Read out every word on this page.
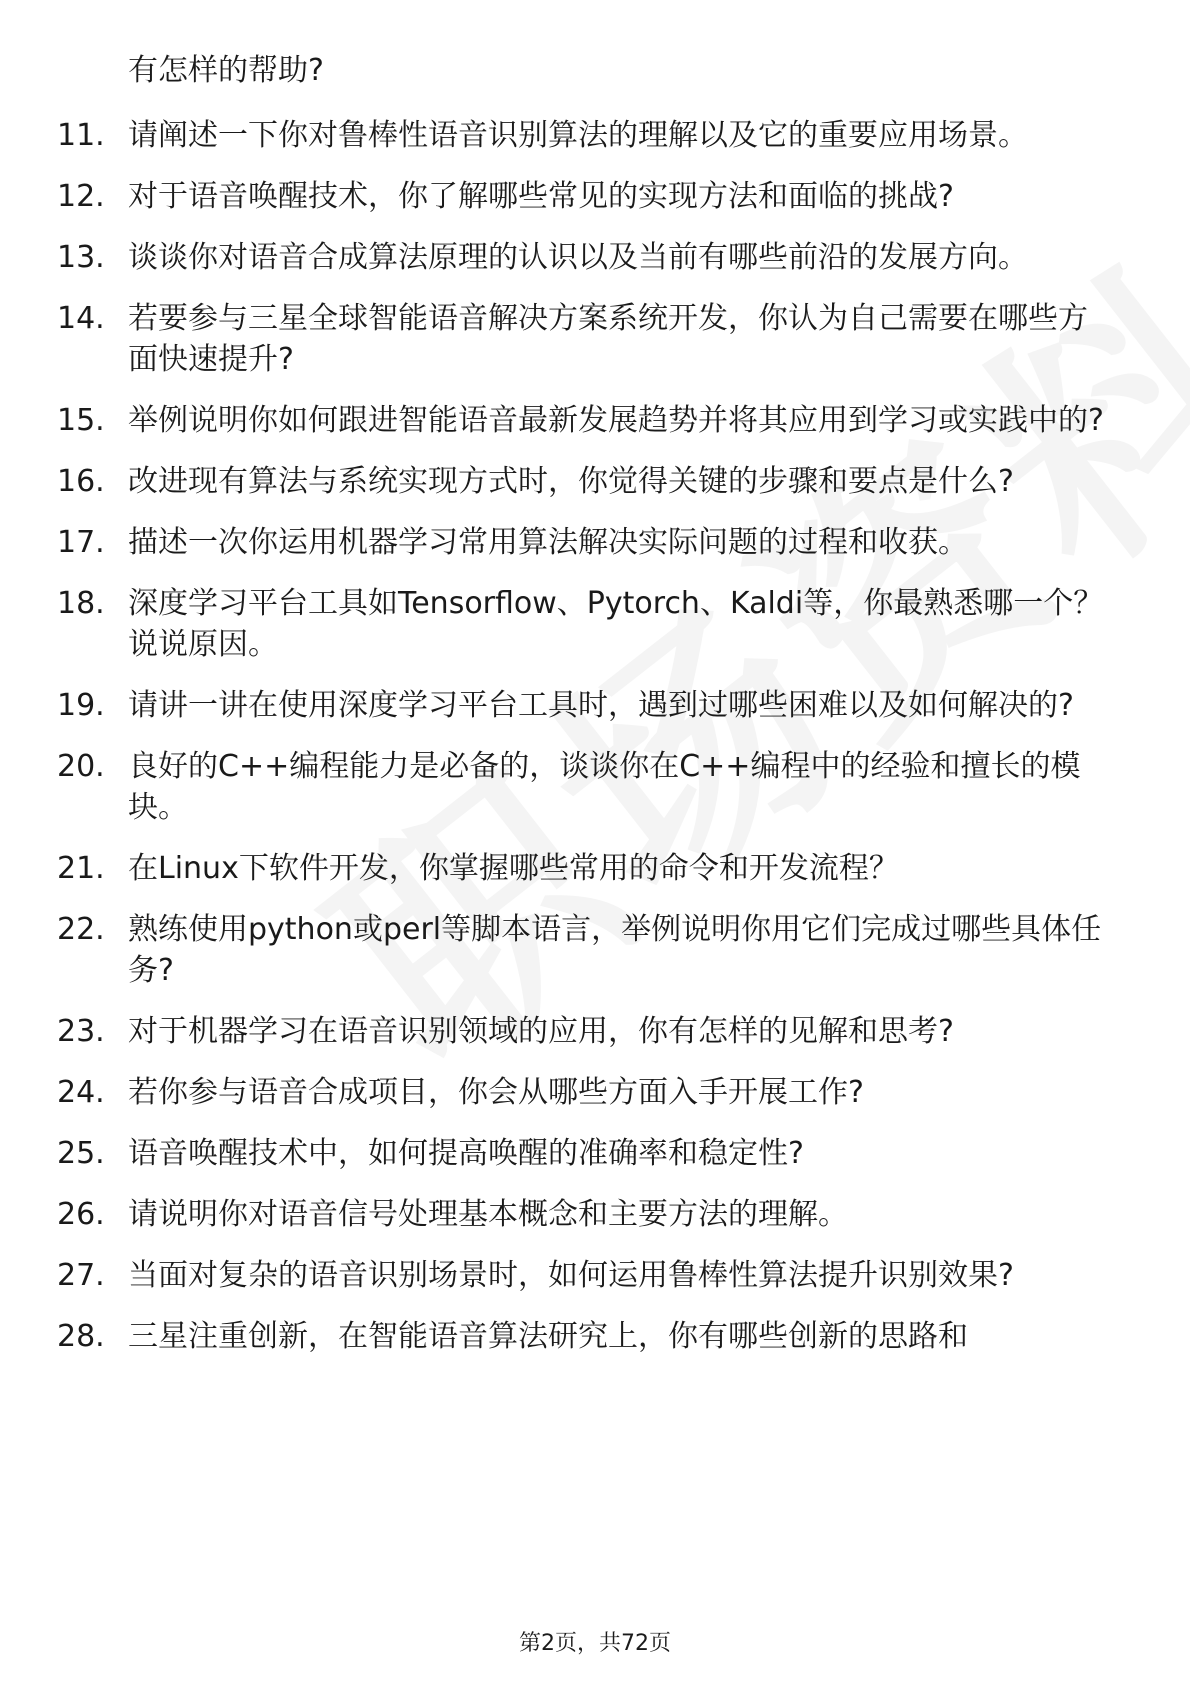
有怎样的帮助?

11. 请阐述一下你对鲁棒性语音识别算法的理解以及它的重要应用场景。
12. 对于语音唤醒技术，你了解哪些常见的实现方法和面临的挑战?
13. 谈谈你对语音合成算法原理的认识以及当前有哪些前沿的发展方向。
14. 若要参与三星全球智能语音解决方案系统开发，你认为自己需要在哪些方面快速提升?
15. 举例说明你如何跟进智能语音最新发展趋势并将其应用到学习或实践中的?
16. 改进现有算法与系统实现方式时，你觉得关键的步骤和要点是什么?
17. 描述一次你运用机器学习常用算法解决实际问题的过程和收获。
18. 深度学习平台工具如Tensorflow、Pytorch、Kaldi等，你最熟悉哪一个？说说原因。
19. 请讲一讲在使用深度学习平台工具时，遇到过哪些困难以及如何解决的?
20. 良好的C++编程能力是必备的，谈谈你在C++编程中的经验和擅长的模块。
21. 在Linux下软件开发，你掌握哪些常用的命令和开发流程？
22. 熟练使用python或perl等脚本语言，举例说明你用它们完成过哪些具体任务?
23. 对于机器学习在语音识别领域的应用，你有怎样的见解和思考?
24. 若你参与语音合成项目，你会从哪些方面入手开展工作?
25. 语音唤醒技术中，如何提高唤醒的准确率和稳定性?
26. 请说明你对语音信号处理基本概念和主要方法的理解。
27. 当面对复杂的语音识别场景时，如何运用鲁棒性算法提升识别效果?
28. 三星注重创新，在智能语音算法研究上，你有哪些创新的思路和
第2页，共72页
